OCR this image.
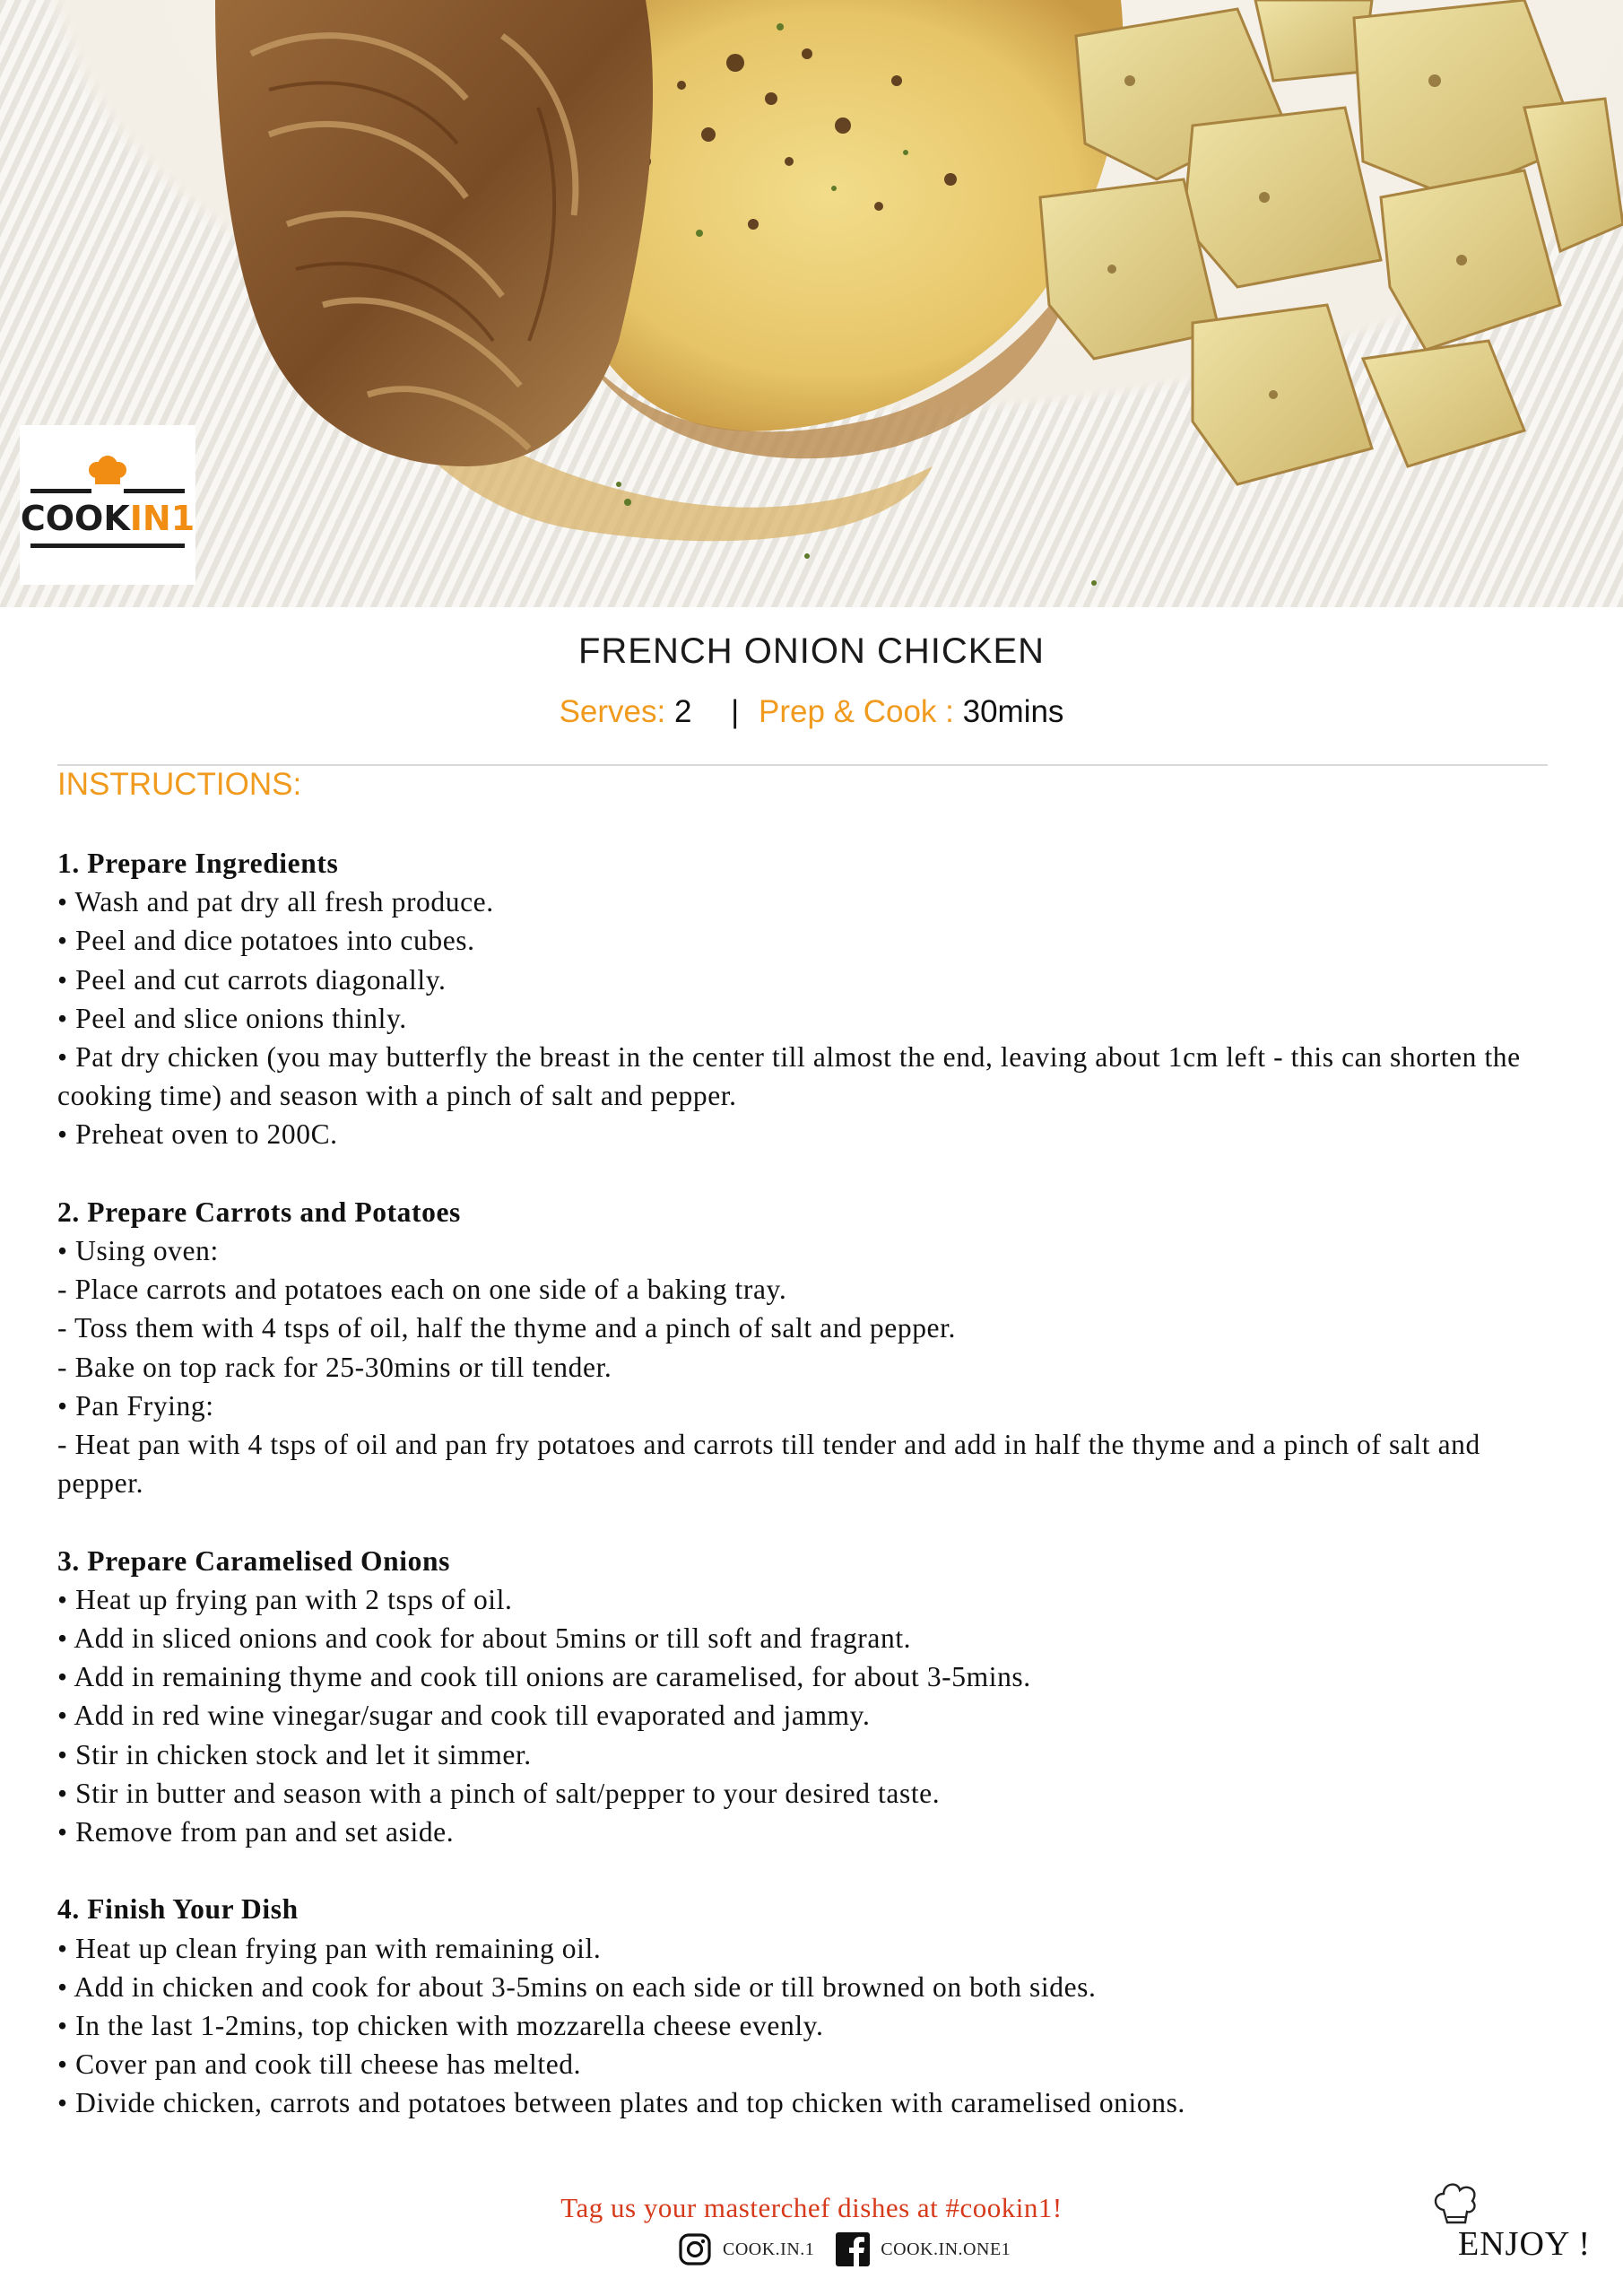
COOKIN1
FRENCH ONION CHICKEN
Serves: 2 | Prep & Cook : 30mins
INSTRUCTIONS:
1. Prepare Ingredients
• Wash and pat dry all fresh produce.
• Peel and dice potatoes into cubes.
• Peel and cut carrots diagonally.
• Peel and slice onions thinly.
• Pat dry chicken (you may butterfly the breast in the center till almost the end, leaving about 1cm left - this can shorten the cooking time) and season with a pinch of salt and pepper.
• Preheat oven to 200C.
2. Prepare Carrots and Potatoes
• Using oven:
- Place carrots and potatoes each on one side of a baking tray.
- Toss them with 4 tsps of oil, half the thyme and a pinch of salt and pepper.
- Bake on top rack for 25-30mins or till tender.
• Pan Frying:
- Heat pan with 4 tsps of oil and pan fry potatoes and carrots till tender and add in half the thyme and a pinch of salt and pepper.
3. Prepare Caramelised Onions
• Heat up frying pan with 2 tsps of oil.
• Add in sliced onions and cook for about 5mins or till soft and fragrant.
• Add in remaining thyme and cook till onions are caramelised, for about 3-5mins.
• Add in red wine vinegar/sugar and cook till evaporated and jammy.
• Stir in chicken stock and let it simmer.
• Stir in butter and season with a pinch of salt/pepper to your desired taste.
• Remove from pan and set aside.
4. Finish Your Dish
• Heat up clean frying pan with remaining oil.
• Add in chicken and cook for about 3-5mins on each side or till browned on both sides.
• In the last 1-2mins, top chicken with mozzarella cheese evenly.
• Cover pan and cook till cheese has melted.
• Divide chicken, carrots and potatoes between plates and top chicken with caramelised onions.
Tag us your masterchef dishes at #cookin1!
COOK.IN.1	COOK.IN.ONE1	ENJOY !
